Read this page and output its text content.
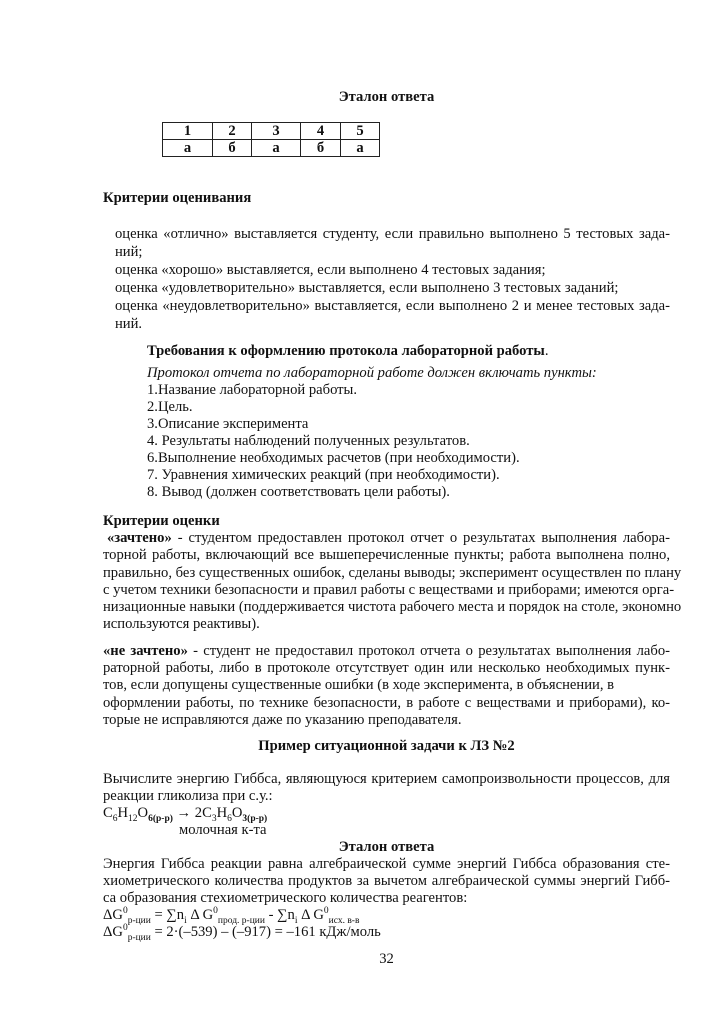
Эталон ответа
1	2	3	4	5
а	б	а	б	а
Критерии оценивания
оценка «отлично» выставляется студенту, если правильно выполнено 5 тестовых зада-
ний;
оценка «хорошо» выставляется, если выполнено 4 тестовых задания;
оценка «удовлетворительно» выставляется, если выполнено 3 тестовых заданий;
оценка «неудовлетворительно» выставляется, если выполнено 2 и менее тестовых зада-
ний.
Требования к оформлению протокола лабораторной работы.
Протокол отчета по лабораторной работе должен включать пункты:
1.Название лабораторной работы.
2.Цель.
3.Описание эксперимента
4. Результаты наблюдений полученных результатов.
6.Выполнение необходимых расчетов (при необходимости).
7. Уравнения химических реакций (при необходимости).
8. Вывод (должен соответствовать цели работы).
Критерии оценки
«зачтено» - студентом предоставлен протокол отчет о результатах выполнения лабора-
торной работы, включающий все вышеперечисленные пункты; работа выполнена полно,
правильно, без существенных ошибок, сделаны выводы; эксперимент осуществлен по плану
с учетом техники безопасности и правил работы с веществами и приборами; имеются орга-
низационные навыки (поддерживается чистота рабочего места и порядок на столе, экономно
используются реактивы).
«не зачтено» - студент не предоставил протокол отчета о результатах выполнения лабо-
раторной работы, либо в протоколе отсутствует один или несколько необходимых пунк-
тов, если допущены существенные ошибки (в ходе эксперимента, в объяснении, в
оформлении работы, по технике безопасности, в работе с веществами и приборами), ко-
торые не исправляются даже по указанию преподавателя.
Пример ситуационной задачи к ЛЗ №2
Вычислите энергию Гиббса, являющуюся критерием самопроизвольности процессов, для
реакции гликолиза при с.у.:
$C_6H_{12}O_{6(р-р)} \to 2C_3H_6O_{3(р-р)}$
молочная к-та
Эталон ответа
Энергия Гиббса реакции равна алгебраической сумме энергий Гиббса образования сте-
хиометрического количества продуктов за вычетом алгебраической суммы энергий Гибб-
са образования стехиометрического количества реагентов:
$\Delta G^0_{р-ции} = \sum n_i$ Δ $G^0_{прод. р-ции} - \sum n_i$ Δ $G^0_{исх. в-в}$
$\Delta G^0_{р-ции} = 2\cdot(-539) - (-917) = -161$ кДж/моль
32
